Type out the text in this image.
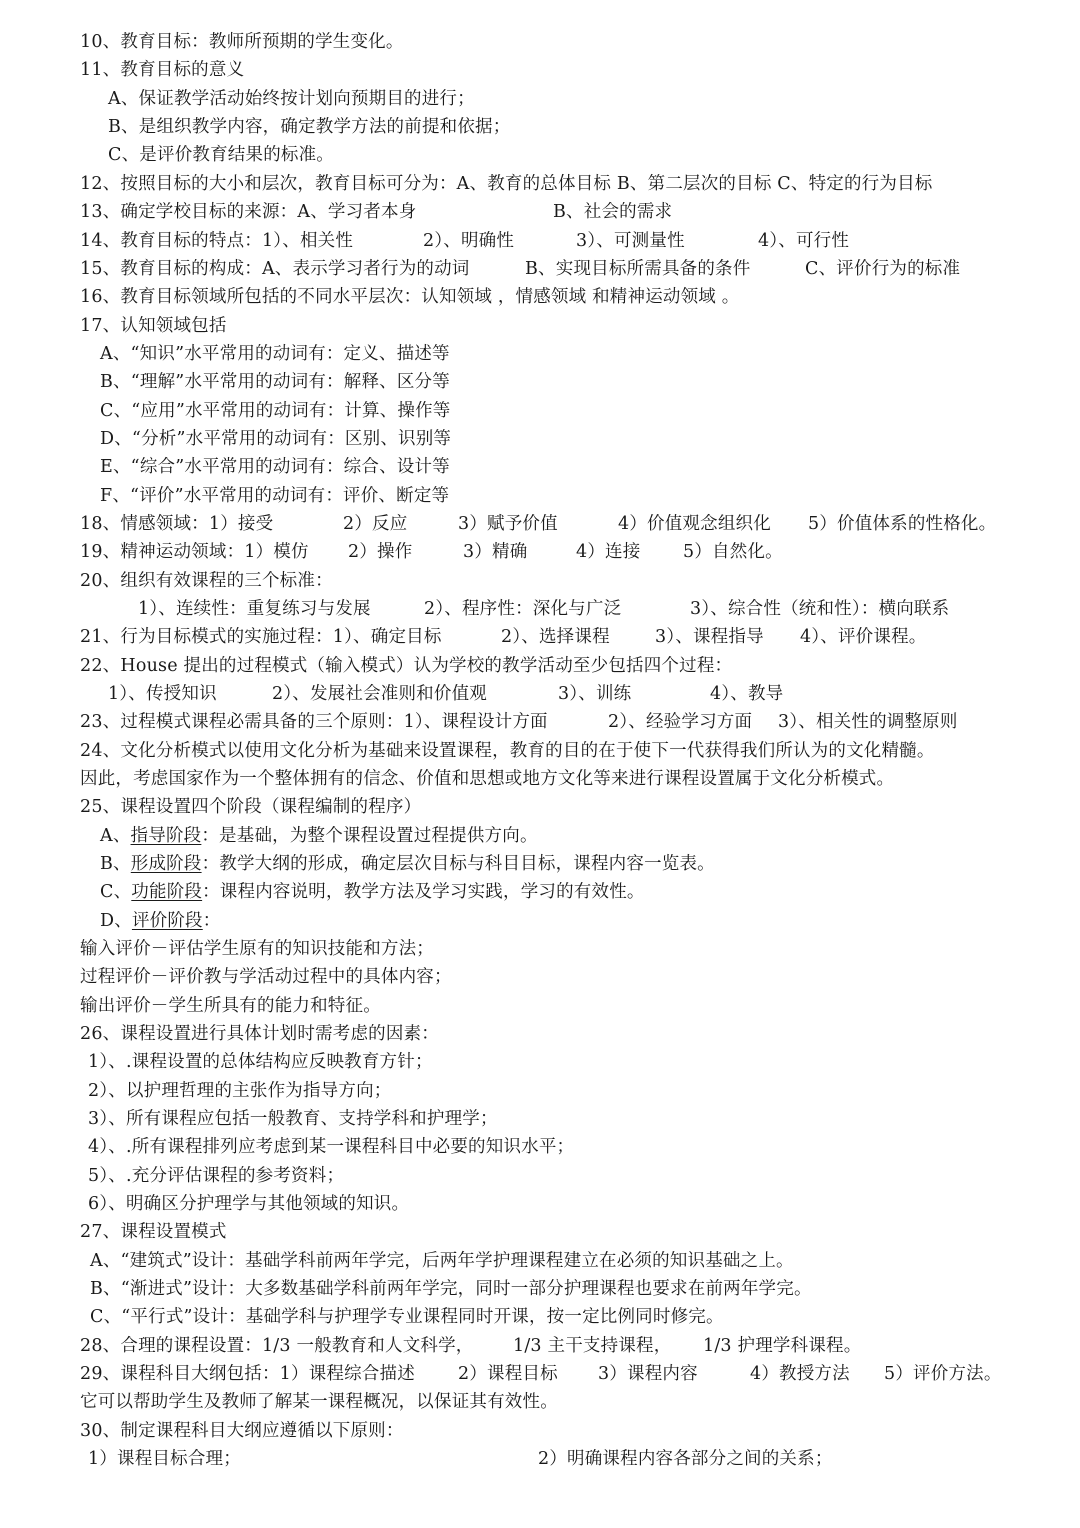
10、教育目标：教师所预期的学生变化。
11、教育目标的意义
A、保证教学活动始终按计划向预期目的进行；
B、是组织教学内容，确定教学方法的前提和依据；
C、是评价教育结果的标准。
12、按照目标的大小和层次，教育目标可分为：A、教育的总体目标 B、第二层次的目标 C、特定的行为目标
13、确定学校目标的来源：A、学习者本身	B、社会的需求
14、教育目标的特点：1）、相关性	2）、明确性	3）、可测量性	4）、可行性
15、教育目标的构成：A、表示学习者行为的动词	B、实现目标所需具备的条件	C、评价行为的标准
16、教育目标领域所包括的不同水平层次：认知领域 ，情感领域 和精神运动领域 。
17、认知领域包括
A、“知识”水平常用的动词有：定义、描述等
B、“理解”水平常用的动词有：解释、区分等
C、“应用”水平常用的动词有：计算、操作等
D、“分析”水平常用的动词有：区别、识别等
E、“综合”水平常用的动词有：综合、设计等
F、“评价”水平常用的动词有：评价、断定等
18、情感领域：1）接受	2）反应	3）赋予价值	4）价值观念组织化 5）价值体系的性格化。
19、精神运动领域：1）模仿 2）操作	3）精确	4）连接 5）自然化。
20、组织有效课程的三个标准：
1）、连续性：重复练习与发展	2）、程序性：深化与广泛	3）、综合性（统和性）：横向联系
21、行为目标模式的实施过程：1）、确定目标	2）、选择课程	3）、课程指导 4）、评价课程。
22、House 提出的过程模式（输入模式）认为学校的教学活动至少包括四个过程：
1）、传授知识	2）、发展社会准则和价值观	3）、训练	4）、教导
23、过程模式课程必需具备的三个原则：1）、课程设计方面	2）、经验学习方面 3）、相关性的调整原则
24、文化分析模式以使用文化分析为基础来设置课程，教育的目的在于使下一代获得我们所认为的文化精髓。
因此，考虑国家作为一个整体拥有的信念、价值和思想或地方文化等来进行课程设置属于文化分析模式。
25、课程设置四个阶段（课程编制的程序）
A、指导阶段：是基础，为整个课程设置过程提供方向。
B、形成阶段：教学大纲的形成，确定层次目标与科目目标，课程内容一览表。
C、功能阶段：课程内容说明，教学方法及学习实践，学习的有效性。
D、评价阶段：
输入评价－评估学生原有的知识技能和方法；
过程评价－评价教与学活动过程中的具体内容；
输出评价－学生所具有的能力和特征。
26、课程设置进行具体计划时需考虑的因素：
1）、.课程设置的总体结构应反映教育方针；
2）、以护理哲理的主张作为指导方向；
3）、所有课程应包括一般教育、支持学科和护理学；
4）、.所有课程排列应考虑到某一课程科目中必要的知识水平；
5）、.充分评估课程的参考资料；
6）、明确区分护理学与其他领域的知识。
27、课程设置模式
A、“建筑式”设计：基础学科前两年学完，后两年学护理课程建立在必须的知识基础之上。
B、“渐进式”设计：大多数基础学科前两年学完，同时一部分护理课程也要求在前两年学完。
C、“平行式”设计：基础学科与护理学专业课程同时开课，按一定比例同时修完。
28、合理的课程设置：1/3 一般教育和人文科学， 1/3 主干支持课程， 1/3 护理学科课程。
29、课程科目大纲包括：1）课程综合描述 2）课程目标 3）课程内容	4）教授方法 5）评价方法。
它可以帮助学生及教师了解某一课程概况，以保证其有效性。
30、制定课程科目大纲应遵循以下原则：
1）课程目标合理；	2）明确课程内容各部分之间的关系；
